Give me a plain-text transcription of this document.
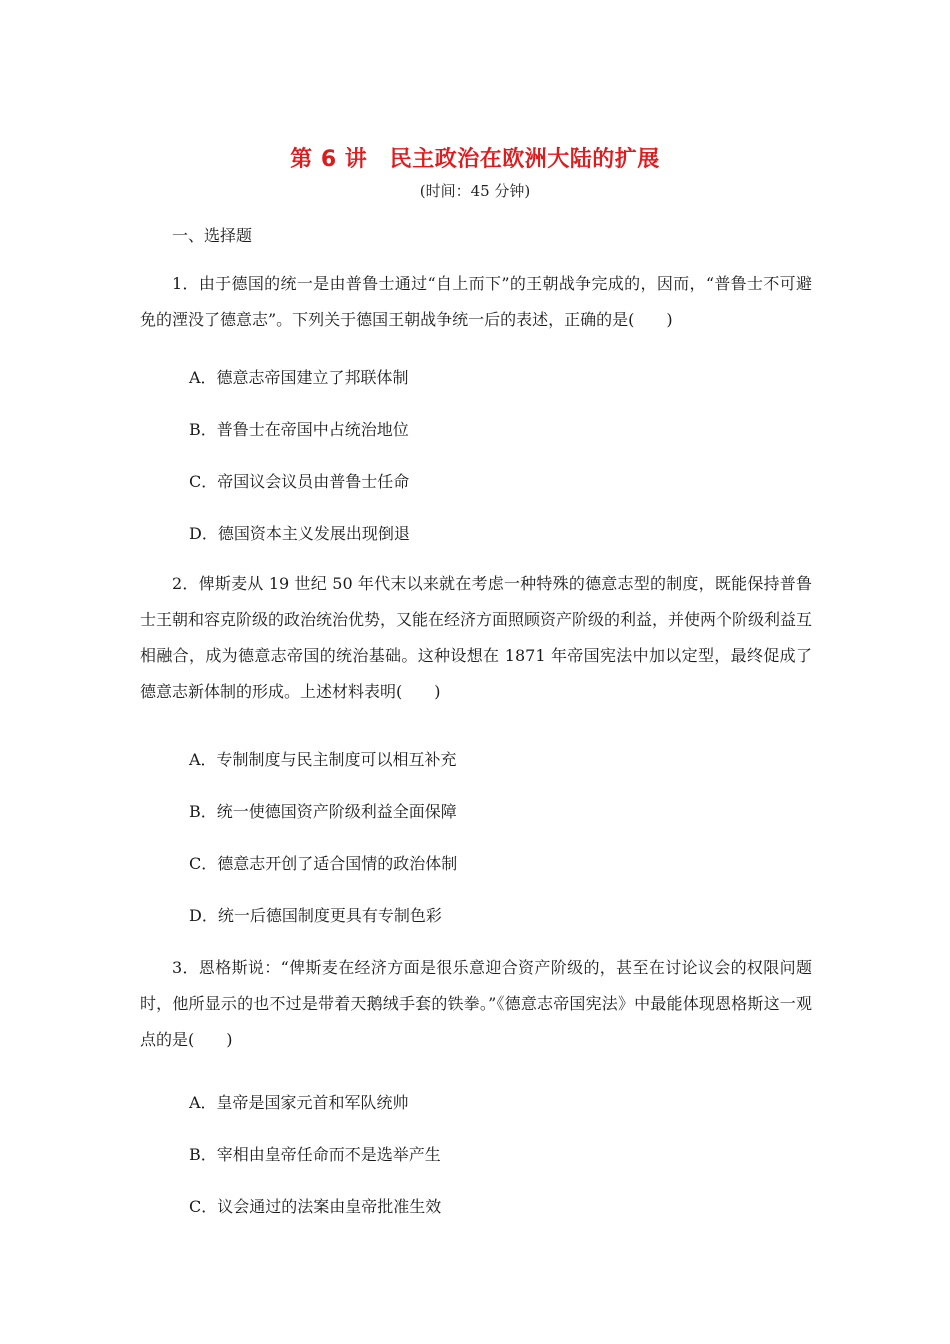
第 6 讲　民主政治在欧洲大陆的扩展
(时间：45 分钟)
一、选择题
1．由于德国的统一是由普鲁士通过“自上而下”的王朝战争完成的，因而，“普鲁士不可避免的湮没了德意志”。下列关于德国王朝战争统一后的表述，正确的是(　　)
A．德意志帝国建立了邦联体制
B．普鲁士在帝国中占统治地位
C．帝国议会议员由普鲁士任命
D．德国资本主义发展出现倒退
2．俾斯麦从 19 世纪 50 年代末以来就在考虑一种特殊的德意志型的制度，既能保持普鲁士王朝和容克阶级的政治统治优势，又能在经济方面照顾资产阶级的利益，并使两个阶级利益互相融合，成为德意志帝国的统治基础。这种设想在 1871 年帝国宪法中加以定型，最终促成了德意志新体制的形成。上述材料表明(　　)
A．专制制度与民主制度可以相互补充
B．统一使德国资产阶级利益全面保障
C．德意志开创了适合国情的政治体制
D．统一后德国制度更具有专制色彩
3．恩格斯说：“俾斯麦在经济方面是很乐意迎合资产阶级的，甚至在讨论议会的权限问题时，他所显示的也不过是带着天鹅绒手套的铁拳。”《德意志帝国宪法》中最能体现恩格斯这一观点的是(　　)
A．皇帝是国家元首和军队统帅
B．宰相由皇帝任命而不是选举产生
C．议会通过的法案由皇帝批准生效
